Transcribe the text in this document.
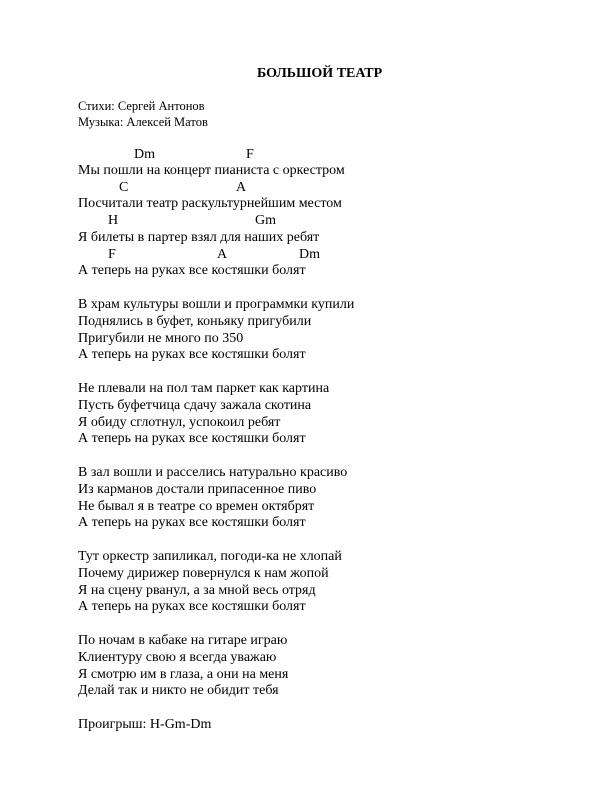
БОЛЬШОЙ ТЕАТР
Стихи: Сергей Антонов
Музыка: Алексей Матов
Dm	F
Мы пошли на концерт пианиста с оркестром
C	A
Посчитали театр раскультурнейшим местом
H	Gm
Я билеты в партер взял для наших ребят
F	A	Dm
А теперь на руках все костяшки болят
В храм культуры вошли и программки купили
Поднялись в буфет, коньяку пригубили
Пригубили не много по 350
А теперь на руках все костяшки болят
Не плевали на пол там паркет как картина
Пусть буфетчица сдачу зажала скотина
Я обиду сглотнул, успокоил ребят
А теперь на руках все костяшки болят
В зал вошли и расселись натурально красиво
Из карманов достали припасенное пиво
Не бывал я в театре со времен октябрят
А теперь на руках все костяшки болят
Тут оркестр запиликал, погоди-ка не хлопай
Почему дирижер повернулся к нам жопой
Я на сцену рванул, а за мной весь отряд
А теперь на руках все костяшки болят
По ночам в кабаке на гитаре играю
Клиентуру свою я всегда уважаю
Я смотрю им в глаза, а они на меня
Делай так и никто не обидит тебя
Проигрыш: H-Gm-Dm
